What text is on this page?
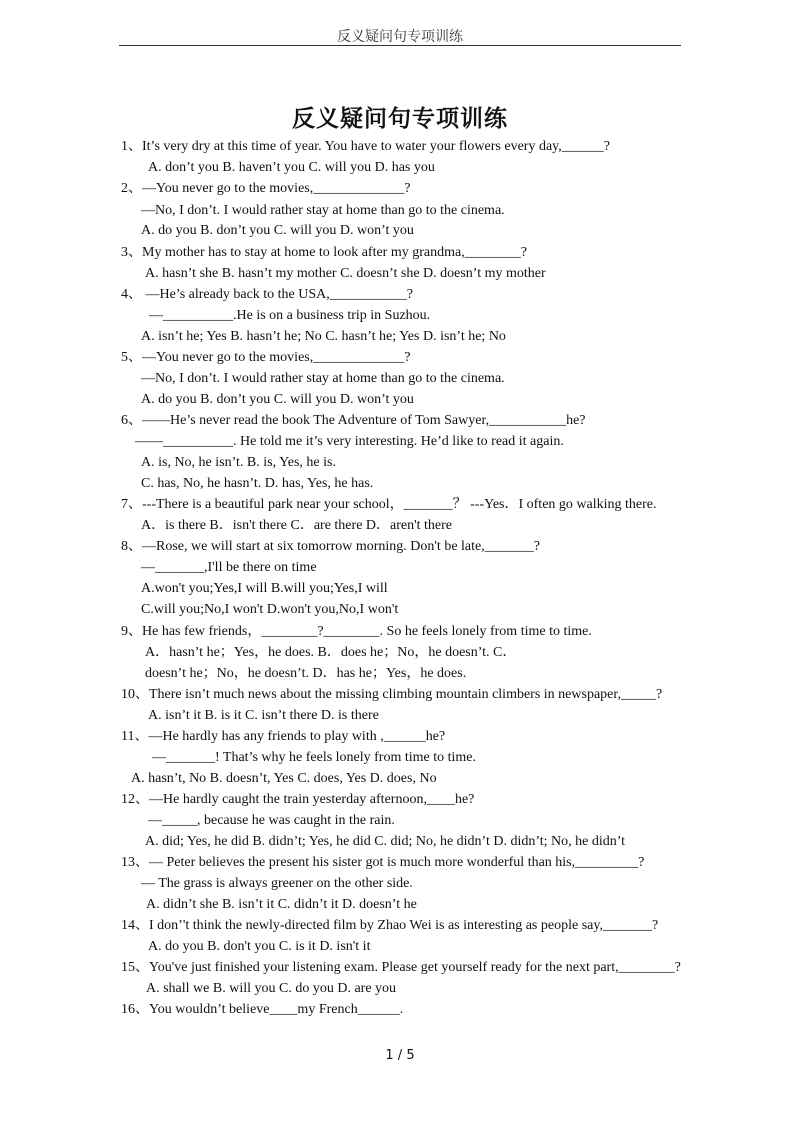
反义疑问句专项训练
反义疑问句专项训练
1、It’s very dry at this time of year. You have to water your flowers every day,______?
A. don’t you B. haven’t you C. will you D. has you
2、—You never go to the movies,_____________?
—No, I don’t. I would rather stay at home than go to the cinema.
A. do you B. don’t you C. will you D. won’t you
3、My mother has to stay at home to look after my grandma,________?
A. hasn’t she B. hasn’t my mother C. doesn’t she D. doesn’t my mother
4、 —He’s already back to the USA,___________?
—__________.He is on a business trip in Suzhou.
A. isn’t he; Yes B. hasn’t he; No C. hasn’t he; Yes D. isn’t he; No
5、—You never go to the movies,_____________?
—No, I don’t. I would rather stay at home than go to the cinema.
A. do you B. don’t you C. will you D. won’t you
6、——He’s never read the book The Adventure of Tom Sawyer,___________he?
——__________. He told me it’s very interesting. He’d like to read it again.
A. is, No, he isn’t. B. is, Yes, he is.
C. has, No, he hasn’t. D. has, Yes, he has.
7、---There is a beautiful park near your school，_______？ ---Yes．I often go walking there.
A．is there B．isn't there C．are there D．aren't there
8、—Rose, we will start at six tomorrow morning. Don't be late,_______?
—_______,I'll be there on time
A.won't you;Yes,I will B.will you;Yes,I will
C.will you;No,I won't D.won't you,No,I won't
9、He has few friends，________?________. So he feels lonely from time to time.
A．hasn’t he；Yes，he does. B．does he；No，he doesn’t. C．
doesn’t he；No，he doesn’t. D．has he；Yes，he does.
10、There isn’t much news about the missing climbing mountain climbers in newspaper,_____?
A. isn’t it B. is it C. isn’t there D. is there
11、—He hardly has any friends to play with ,______he?
—_______! That’s why he feels lonely from time to time.
A. hasn’t, No B. doesn’t, Yes C. does, Yes D. does, No
12、—He hardly caught the train yesterday afternoon,____he?
—_____, because he was caught in the rain.
A. did; Yes, he did B. didn’t; Yes, he did C. did; No, he didn’t D. didn’t; No, he didn’t
13、— Peter believes the present his sister got is much more wonderful than his,_________?
— The grass is always greener on the other side.
A. didn’t she B. isn’t it C. didn’t it D. doesn’t he
14、I don’'t think the newly-directed film by Zhao Wei is as interesting as people say,_______?
A. do you B. don't you C. is it D. isn't it
15、You've just finished your listening exam. Please get yourself ready for the next part,________?
A. shall we B. will you C. do you D. are you
16、You wouldn’t believe____my French______.
1 / 5
